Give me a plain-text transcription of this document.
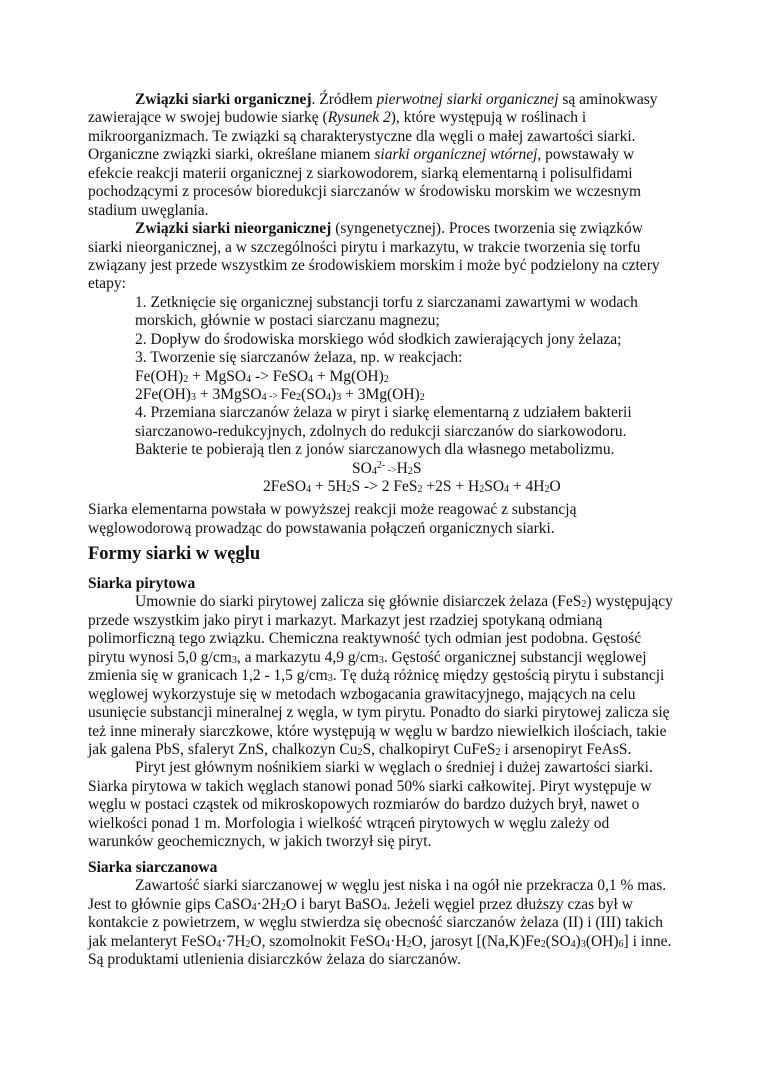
Związki siarki organicznej. Źródłem pierwotnej siarki organicznej są aminokwasy
zawierające w swojej budowie siarkę (Rysunek 2), które występują w roślinach i
mikroorganizmach. Te związki są charakterystyczne dla węgli o małej zawartości siarki.
Organiczne związki siarki, określane mianem siarki organicznej wtórnej, powstawały w
efekcie reakcji materii organicznej z siarkowodorem, siarką elementarną i polisulfidami
pochodzącymi z procesów bioredukcji siarczanów w środowisku morskim we wczesnym
stadium uwęglania.
Związki siarki nieorganicznej (syngenetycznej). Proces tworzenia się związków
siarki nieorganicznej, a w szczególności pirytu i markazytu, w trakcie tworzenia się torfu
związany jest przede wszystkim ze środowiskiem morskim i może być podzielony na cztery
etapy:
1. Zetknięcie się organicznej substancji torfu z siarczanami zawartymi w wodach
morskich, głównie w postaci siarczanu magnezu;
2. Dopływ do środowiska morskiego wód słodkich zawierających jony żelaza;
3. Tworzenie się siarczanów żelaza, np. w reakcjach:
Fe(OH)2 + MgSO4 -> FeSO4 + Mg(OH)2
2Fe(OH)3 + 3MgSO4 -> Fe2(SO4)3 + 3Mg(OH)2
4. Przemiana siarczanów żelaza w piryt i siarkę elementarną z udziałem bakterii
siarczanowo-redukcyjnych, zdolnych do redukcji siarczanów do siarkowodoru.
Bakterie te pobierają tlen z jonów siarczanowych dla własnego metabolizmu.
$SO4^{2-}$ ->H2S
2FeSO4 + 5H2S -> 2 FeS2 +2S + H2SO4 + 4H2O
Siarka elementarna powstała w powyższej reakcji może reagować z substancją
węglowodorową prowadząc do powstawania połączeń organicznych siarki.
Formy siarki w węglu
Siarka pirytowa
Umownie do siarki pirytowej zalicza się głównie disiarczek żelaza (FeS2) występujący
przede wszystkim jako piryt i markazyt. Markazyt jest rzadziej spotykaną odmianą
polimorficzną tego związku. Chemiczna reaktywność tych odmian jest podobna. Gęstość
pirytu wynosi 5,0 g/cm3, a markazytu 4,9 g/cm3. Gęstość organicznej substancji węglowej
zmienia się w granicach 1,2 - 1,5 g/cm3. Tę dużą różnicę między gęstością pirytu i substancji
węglowej wykorzystuje się w metodach wzbogacania grawitacyjnego, mających na celu
usunięcie substancji mineralnej z węgla, w tym pirytu. Ponadto do siarki pirytowej zalicza się
też inne minerały siarczkowe, które występują w węglu w bardzo niewielkich ilościach, takie
jak galena PbS, sfaleryt ZnS, chalkozyn Cu2S, chalkopiryt CuFeS2 i arsenopiryt FeAsS.
Piryt jest głównym nośnikiem siarki w węglach o średniej i dużej zawartości siarki.
Siarka pirytowa w takich węglach stanowi ponad 50% siarki całkowitej. Piryt występuje w
węglu w postaci cząstek od mikroskopowych rozmiarów do bardzo dużych brył, nawet o
wielkości ponad 1 m. Morfologia i wielkość wtrąceń pirytowych w węglu zależy od
warunków geochemicznych, w jakich tworzył się piryt.
Siarka siarczanowa
Zawartość siarki siarczanowej w węglu jest niska i na ogół nie przekracza 0,1 % mas.
Jest to głównie gips CaSO4·2H2O i baryt BaSO4. Jeżeli węgiel przez dłuższy czas był w
kontakcie z powietrzem, w węglu stwierdza się obecność siarczanów żelaza (II) i (III) takich
jak melanteryt FeSO4·7H2O, szomolnokit FeSO4·H2O, jarosyt [(Na,K)Fe2(SO4)3(OH)6] i inne.
Są produktami utlenienia disiarczków żelaza do siarczanów.
